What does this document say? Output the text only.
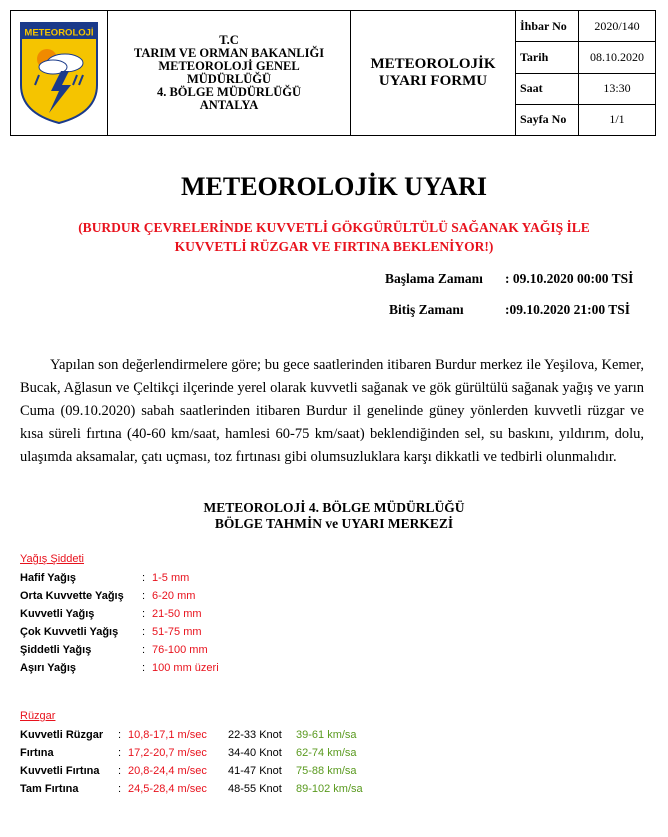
METEOROLOJİ	T.C
TARIM VE ORMAN BAKANLIĞI
METEOROLOJİ GENEL
MÜDÜRLÜĞÜ
4. BÖLGE MÜDÜRLÜĞÜ
ANTALYA
METEOROLOJİK
UYARI FORMU
İhbar No	2020/140
Tarih	08.10.2020
Saat	13:30
Sayfa No	1/1
METEOROLOJİK UYARI
(BURDUR ÇEVRELERİNDE KUVVETLİ GÖKGÜRÜLTÜLÜ SAĞANAK YAĞIŞ İLE
KUVVETLİ RÜZGAR VE FIRTINA BEKLENİYOR!)
Başlama Zamanı : 09.10.2020 00:00 TSİ
Bitiş Zamanı	:09.10.2020 21:00 TSİ
Yapılan son değerlendirmelere göre; bu gece saatlerinden itibaren Burdur merkez ile Yeşilova, Kemer, Bucak, Ağlasun ve Çeltikçi ilçerinde yerel olarak kuvvetli sağanak ve gök gürültülü sağanak yağış ve yarın Cuma (09.10.2020) sabah saatlerinden itibaren Burdur il genelinde güney yönlerden kuvvetli rüzgar ve kısa süreli fırtına (40-60 km/saat, hamlesi 60-75 km/saat) beklendiğinden sel, su baskını, yıldırım, dolu, ulaşımda aksamalar, çatı uçması, toz fırtınası gibi olumsuzluklara karşı dikkatli ve tedbirli olunmalıdır.
METEOROLOJİ 4. BÖLGE MÜDÜRLÜĞÜ
BÖLGE TAHMİN ve UYARI MERKEZİ
Yağış Şiddeti
Hafif Yağış	: 1-5 mm
Orta Kuvvette Yağış	: 6-20 mm
Kuvvetli Yağış	: 21-50 mm
Çok Kuvvetli Yağış	: 51-75 mm
Şiddetli Yağış	: 76-100 mm
Aşırı Yağış	: 100 mm üzeri
Rüzgar
Kuvvetli Rüzgar	: 10,8-17,1 m/sec	22-33 Knot	39-61 km/sa
Fırtına	: 17,2-20,7 m/sec	34-40 Knot	62-74 km/sa
Kuvvetli Fırtına	: 20,8-24,4 m/sec	41-47 Knot	75-88 km/sa
Tam Fırtına	: 24,5-28,4 m/sec	48-55 Knot	89-102 km/sa
